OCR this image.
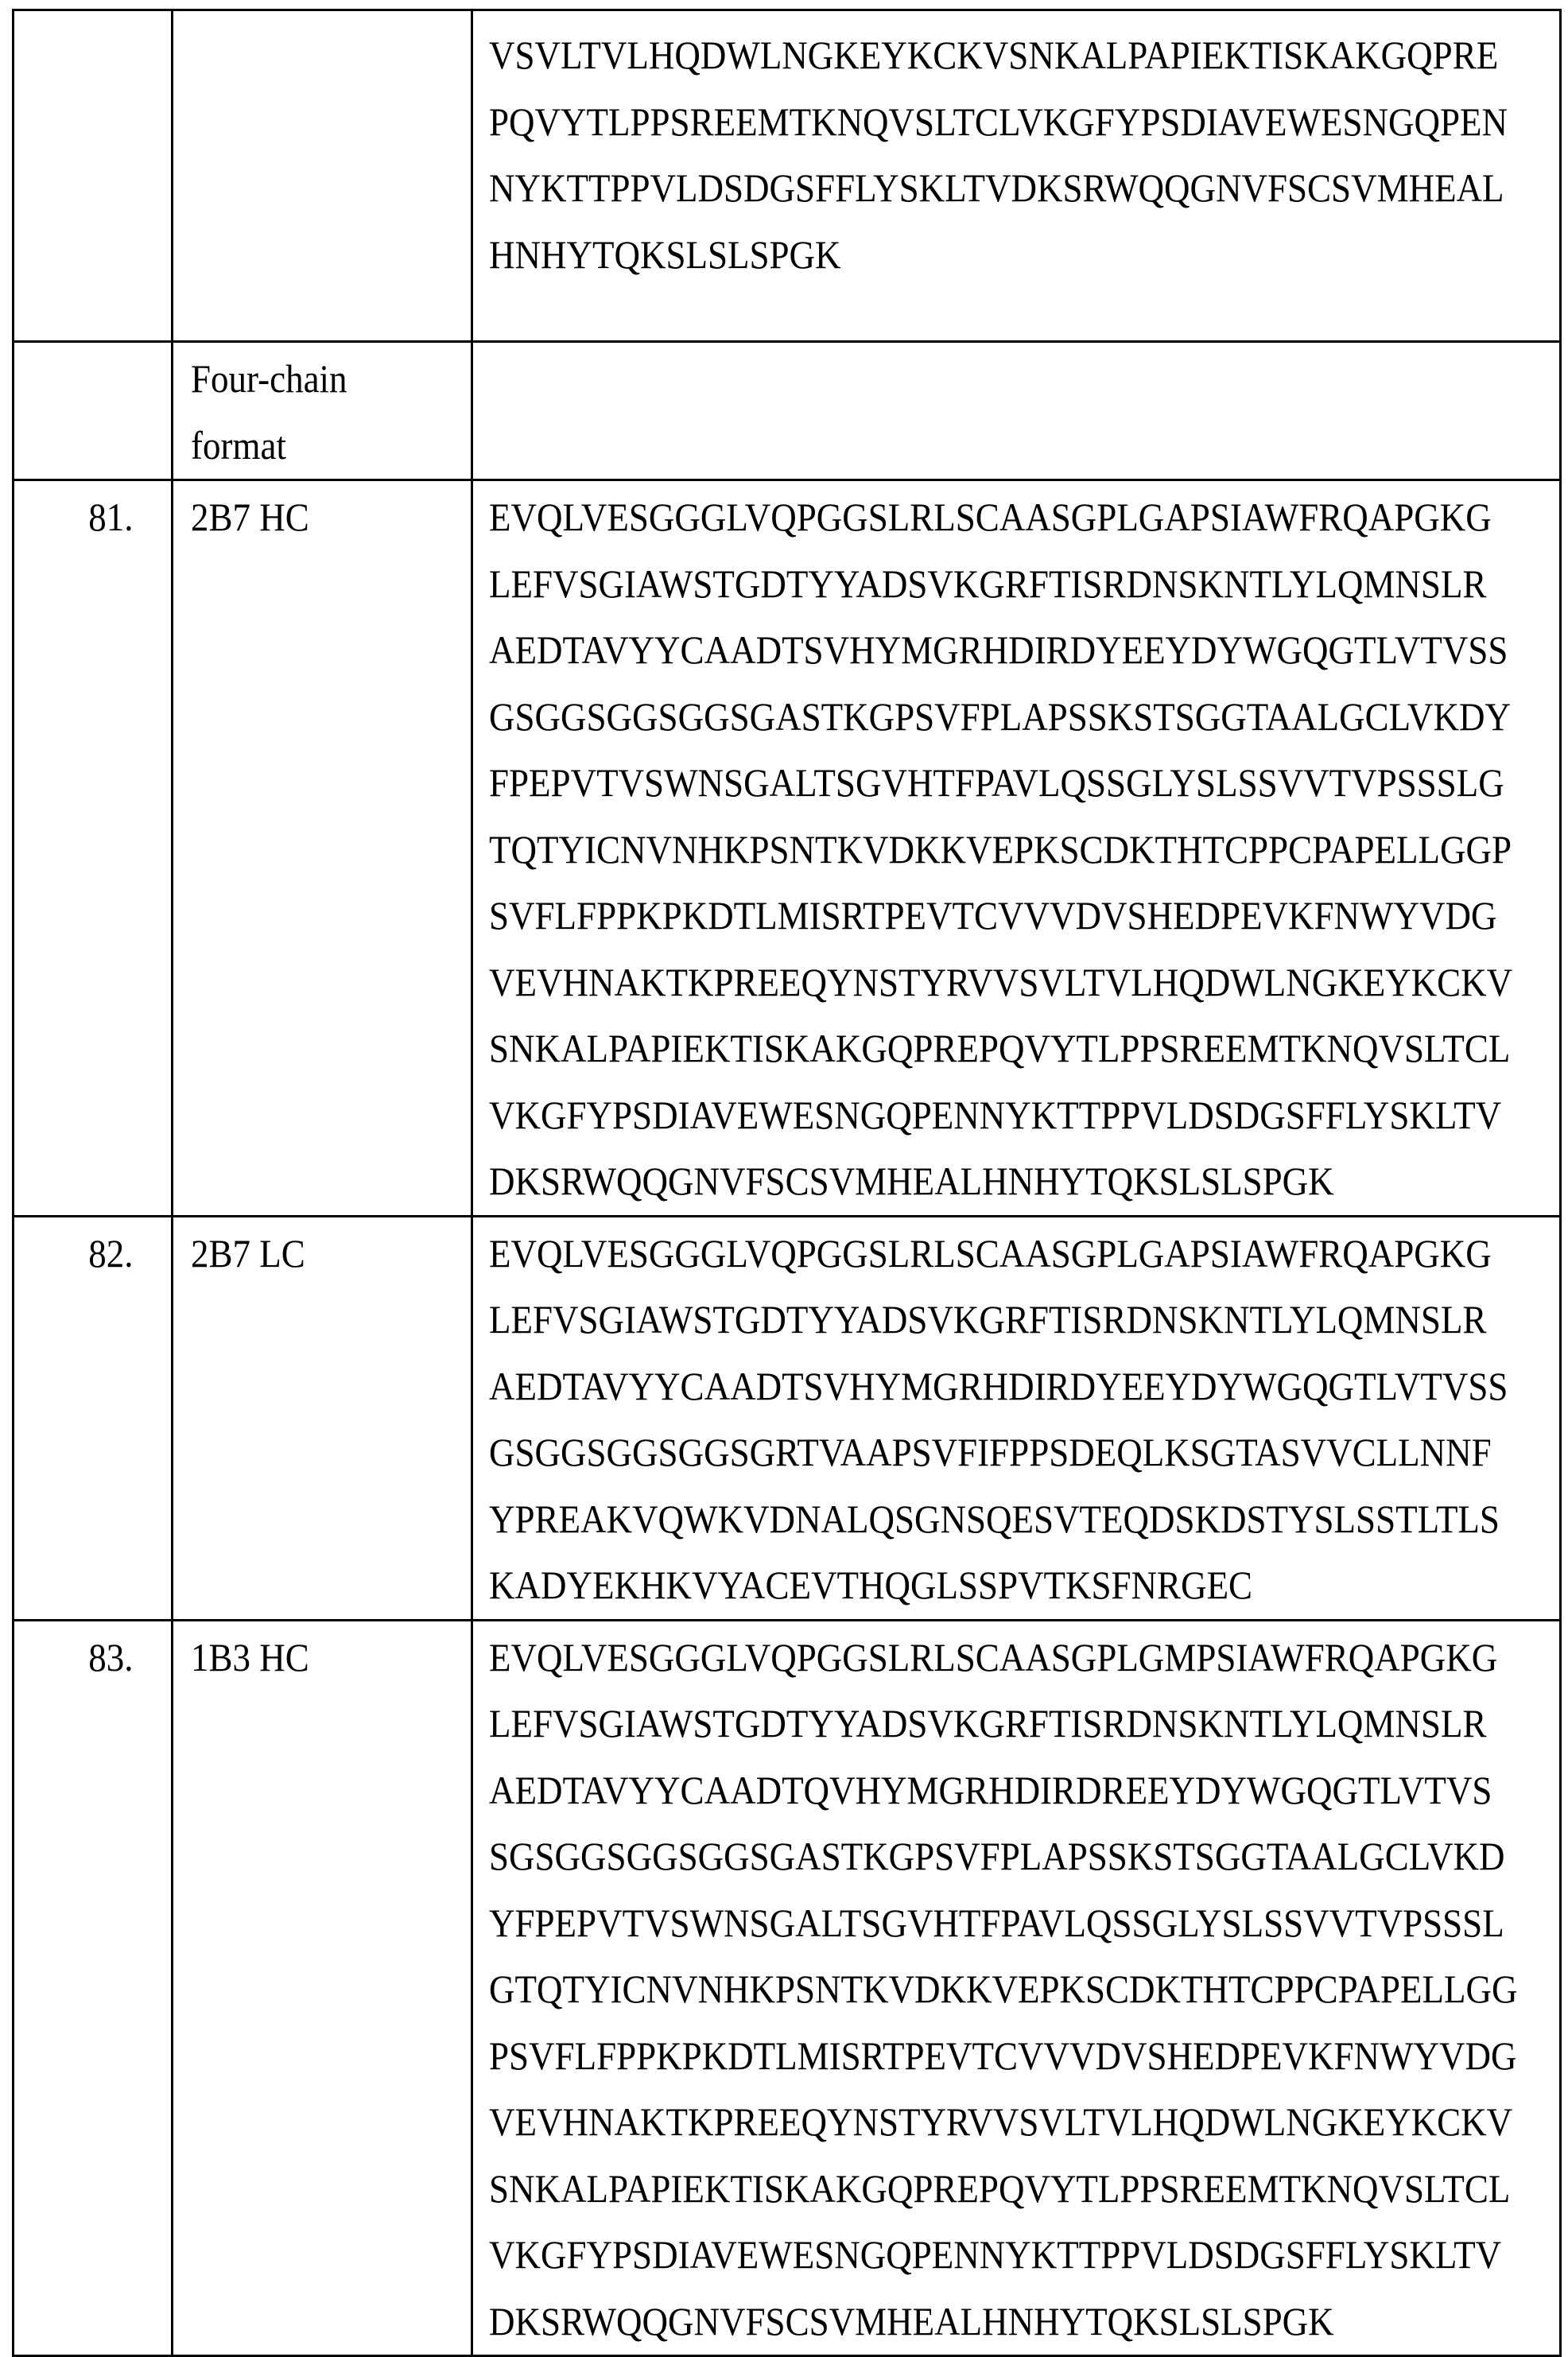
VSVLTVLHQDWLNGKEYKCKVSNKALPAPIEKTISKAKGQPRE
PQVYTLPPSREEMTKNQVSLTCLVKGFYPSDIAVEWESNGQPEN
NYKTTPPVLDSDGSFFLYSKLTVDKSRWQQGNVFSCSVMHEAL
HNHYTQKSLSLSPGK

Four-chain
format

81.	2B7 HC	EVQLVESGGGLVQPGGSLRLSCAASGPLGAPSIAWFRQAPGKG
LEFVSGIAWSTGDTYYADSVKGRFTISRDNSKNTLYLQMNSLR
AEDTAVYYCAADTSVHYMGRHDIRDYEEYDYWGQGTLVTVSS
GSGGSGGSGGSGASTKGPSVFPLAPSSKSTSGGTAALGCLVKDY
FPEPVTVSWNSGALTSGVHTFPAVLQSSGLYSLSSVVTVPSSSLG
TQTYICNVNHKPSNTKVDKKVEPKSCDKTHTCPPCPAPELLGGP
SVFLFPPKPKDTLMISRTPEVTCVVVDVSHEDPEVKFNWYVDG
VEVHNAKTKPREEQYNSTYRVVSVLTVLHQDWLNGKEYKCKV
SNKALPAPIEKTISKAKGQPREPQVYTLPPSREEMTKNQVSLTCL
VKGFYPSDIAVEWESNGQPENNYKTTPPVLDSDGSFFLYSKLTV
DKSRWQQGNVFSCSVMHEALHNHYTQKSLSLSPGK

82.	2B7 LC	EVQLVESGGGLVQPGGSLRLSCAASGPLGAPSIAWFRQAPGKG
LEFVSGIAWSTGDTYYADSVKGRFTISRDNSKNTLYLQMNSLR
AEDTAVYYCAADTSVHYMGRHDIRDYEEYDYWGQGTLVTVSS
GSGGSGGSGGSGRTVAAPSVFIFPPSDEQLKSGTASVVCLLNNF
YPREAKVQWKVDNALQSGNSQESVTEQDSKDSTYSLSSTLTLS
KADYEKHKVYACEVTHQGLSSPVTKSFNRGEC

83.	1B3 HC	EVQLVESGGGLVQPGGSLRLSCAASGPLGMPSIAWFRQAPGKG
LEFVSGIAWSTGDTYYADSVKGRFTISRDNSKNTLYLQMNSLR
AEDTAVYYCAADTQVHYMGRHDIRDREEYDYWGQGTLVTVS
SGSGGSGGSGGSGASTKGPSVFPLAPSSKSTSGGTAALGCLVKD
YFPEPVTVSWNSGALTSGVHTFPAVLQSSGLYSLSSVVTVPSSSL
GTQTYICNVNHKPSNTKVDKKVEPKSCDKTHTCPPCPAPELLGG
PSVFLFPPKPKDTLMISRTPEVTCVVVDVSHEDPEVKFNWYVDG
VEVHNAKTKPREEQYNSTYRVVSVLTVLHQDWLNGKEYKCKV
SNKALPAPIEKTISKAKGQPREPQVYTLPPSREEMTKNQVSLTCL
VKGFYPSDIAVEWESNGQPENNYKTTPPVLDSDGSFFLYSKLTV
DKSRWQQGNVFSCSVMHEALHNHYTQKSLSLSPGK
